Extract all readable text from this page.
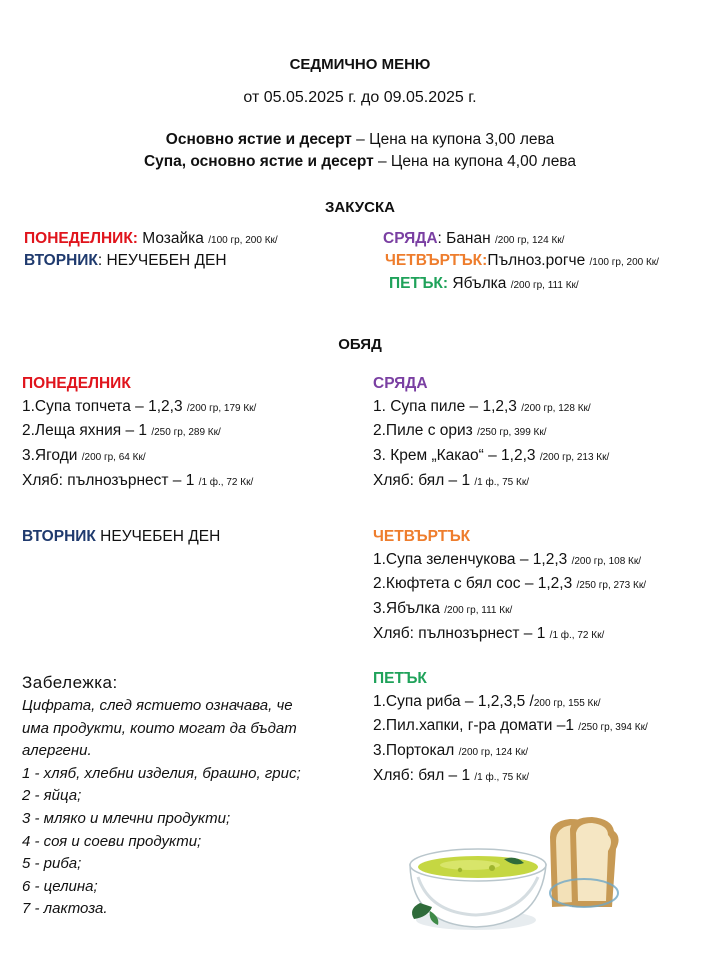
СЕДМИЧНО МЕНЮ
от 05.05.2025 г. до 09.05.2025 г.
Основно ястие и десерт – Цена на купона 3,00 лева
Супа, основно ястие и десерт – Цена на купона 4,00 лева
ЗАКУСКА
ПОНЕДЕЛНИК: Мозайка /100 гр, 200 Кк/
ВТОРНИК: НЕУЧЕБЕН ДЕН
СРЯДА: Банан /200 гр, 124 Кк/
ЧЕТВЪРТЪК:Пълноз.рогче /100 гр, 200 Кк/
ПЕТЪК: Ябълка /200 гр, 111 Кк/
ОБЯД
ПОНЕДЕЛНИК
1.Супа топчета – 1,2,3 /200 гр, 179 Кк/
2.Леща яхния – 1 /250 гр, 289 Кк/
3.Ягоди /200 гр, 64 Кк/
Хляб: пълнозърнест – 1 /1 ф., 72 Кк/
ВТОРНИК НЕУЧЕБЕН ДЕН
СРЯДА
1. Супа пиле – 1,2,3 /200 гр, 128 Кк/
2.Пиле с ориз /250 гр, 399 Кк/
3. Крем „Какао“ – 1,2,3 /200 гр, 213 Кк/
Хляб: бял – 1 /1 ф., 75 Кк/
ЧЕТВЪРТЪК
1.Супа зеленчукова – 1,2,3 /200 гр, 108 Кк/
2.Кюфтета с бял сос – 1,2,3 /250 гр, 273 Кк/
3.Ябълка /200 гр, 111 Кк/
Хляб: пълнозърнест – 1 /1 ф., 72 Кк/
ПЕТЪК
1.Супа риба – 1,2,3,5 /200 гр, 155 Кк/
2.Пил.хапки, г-ра домати –1 /250 гр, 394 Кк/
3.Портокал /200 гр, 124 Кк/
Хляб: бял – 1 /1 ф., 75 Кк/
Забележка:
Цифрата, след ястието означава, че
има продукти, които могат да бъдат
алергени.
1 - хляб, хлебни изделия, брашно, грис;
2 - яйца;
3 - мляко и млечни продукти;
4 - соя и соеви продукти;
5 - риба;
6 - целина;
7 - лактоза.
